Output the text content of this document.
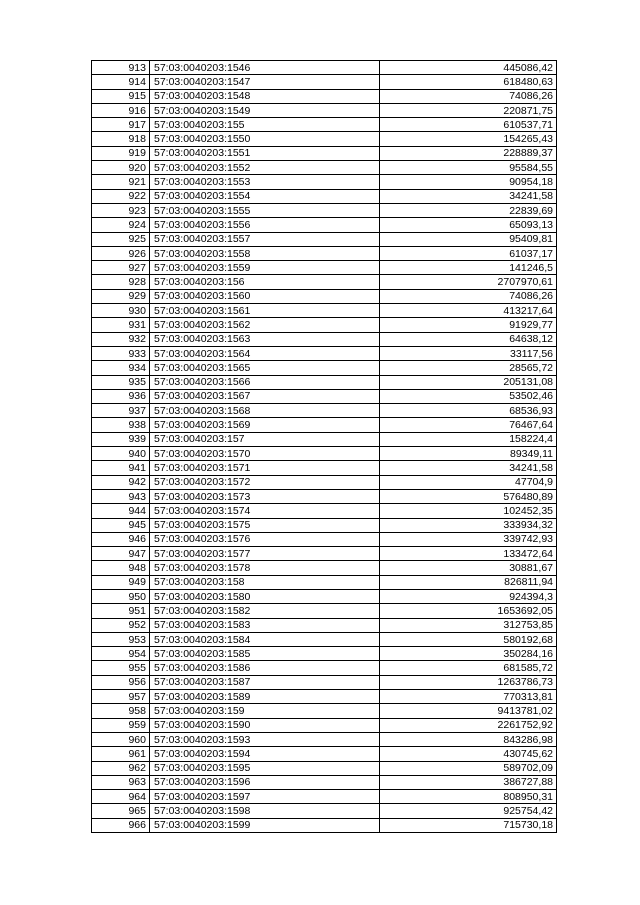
913	57:03:0040203:1546	445086,42
914	57:03:0040203:1547	618480,63
915	57:03:0040203:1548	74086,26
916	57:03:0040203:1549	220871,75
917	57:03:0040203:155	610537,71
918	57:03:0040203:1550	154265,43
919	57:03:0040203:1551	228889,37
920	57:03:0040203:1552	95584,55
921	57:03:0040203:1553	90954,18
922	57:03:0040203:1554	34241,58
923	57:03:0040203:1555	22839,69
924	57:03:0040203:1556	65093,13
925	57:03:0040203:1557	95409,81
926	57:03:0040203:1558	61037,17
927	57:03:0040203:1559	141246,5
928	57:03:0040203:156	2707970,61
929	57:03:0040203:1560	74086,26
930	57:03:0040203:1561	413217,64
931	57:03:0040203:1562	91929,77
932	57:03:0040203:1563	64638,12
933	57:03:0040203:1564	33117,56
934	57:03:0040203:1565	28565,72
935	57:03:0040203:1566	205131,08
936	57:03:0040203:1567	53502,46
937	57:03:0040203:1568	68536,93
938	57:03:0040203:1569	76467,64
939	57:03:0040203:157	158224,4
940	57:03:0040203:1570	89349,11
941	57:03:0040203:1571	34241,58
942	57:03:0040203:1572	47704,9
943	57:03:0040203:1573	576480,89
944	57:03:0040203:1574	102452,35
945	57:03:0040203:1575	333934,32
946	57:03:0040203:1576	339742,93
947	57:03:0040203:1577	133472,64
948	57:03:0040203:1578	30881,67
949	57:03:0040203:158	826811,94
950	57:03:0040203:1580	924394,3
951	57:03:0040203:1582	1653692,05
952	57:03:0040203:1583	312753,85
953	57:03:0040203:1584	580192,68
954	57:03:0040203:1585	350284,16
955	57:03:0040203:1586	681585,72
956	57:03:0040203:1587	1263786,73
957	57:03:0040203:1589	770313,81
958	57:03:0040203:159	9413781,02
959	57:03:0040203:1590	2261752,92
960	57:03:0040203:1593	843286,98
961	57:03:0040203:1594	430745,62
962	57:03:0040203:1595	589702,09
963	57:03:0040203:1596	386727,88
964	57:03:0040203:1597	808950,31
965	57:03:0040203:1598	925754,42
966	57:03:0040203:1599	715730,18
